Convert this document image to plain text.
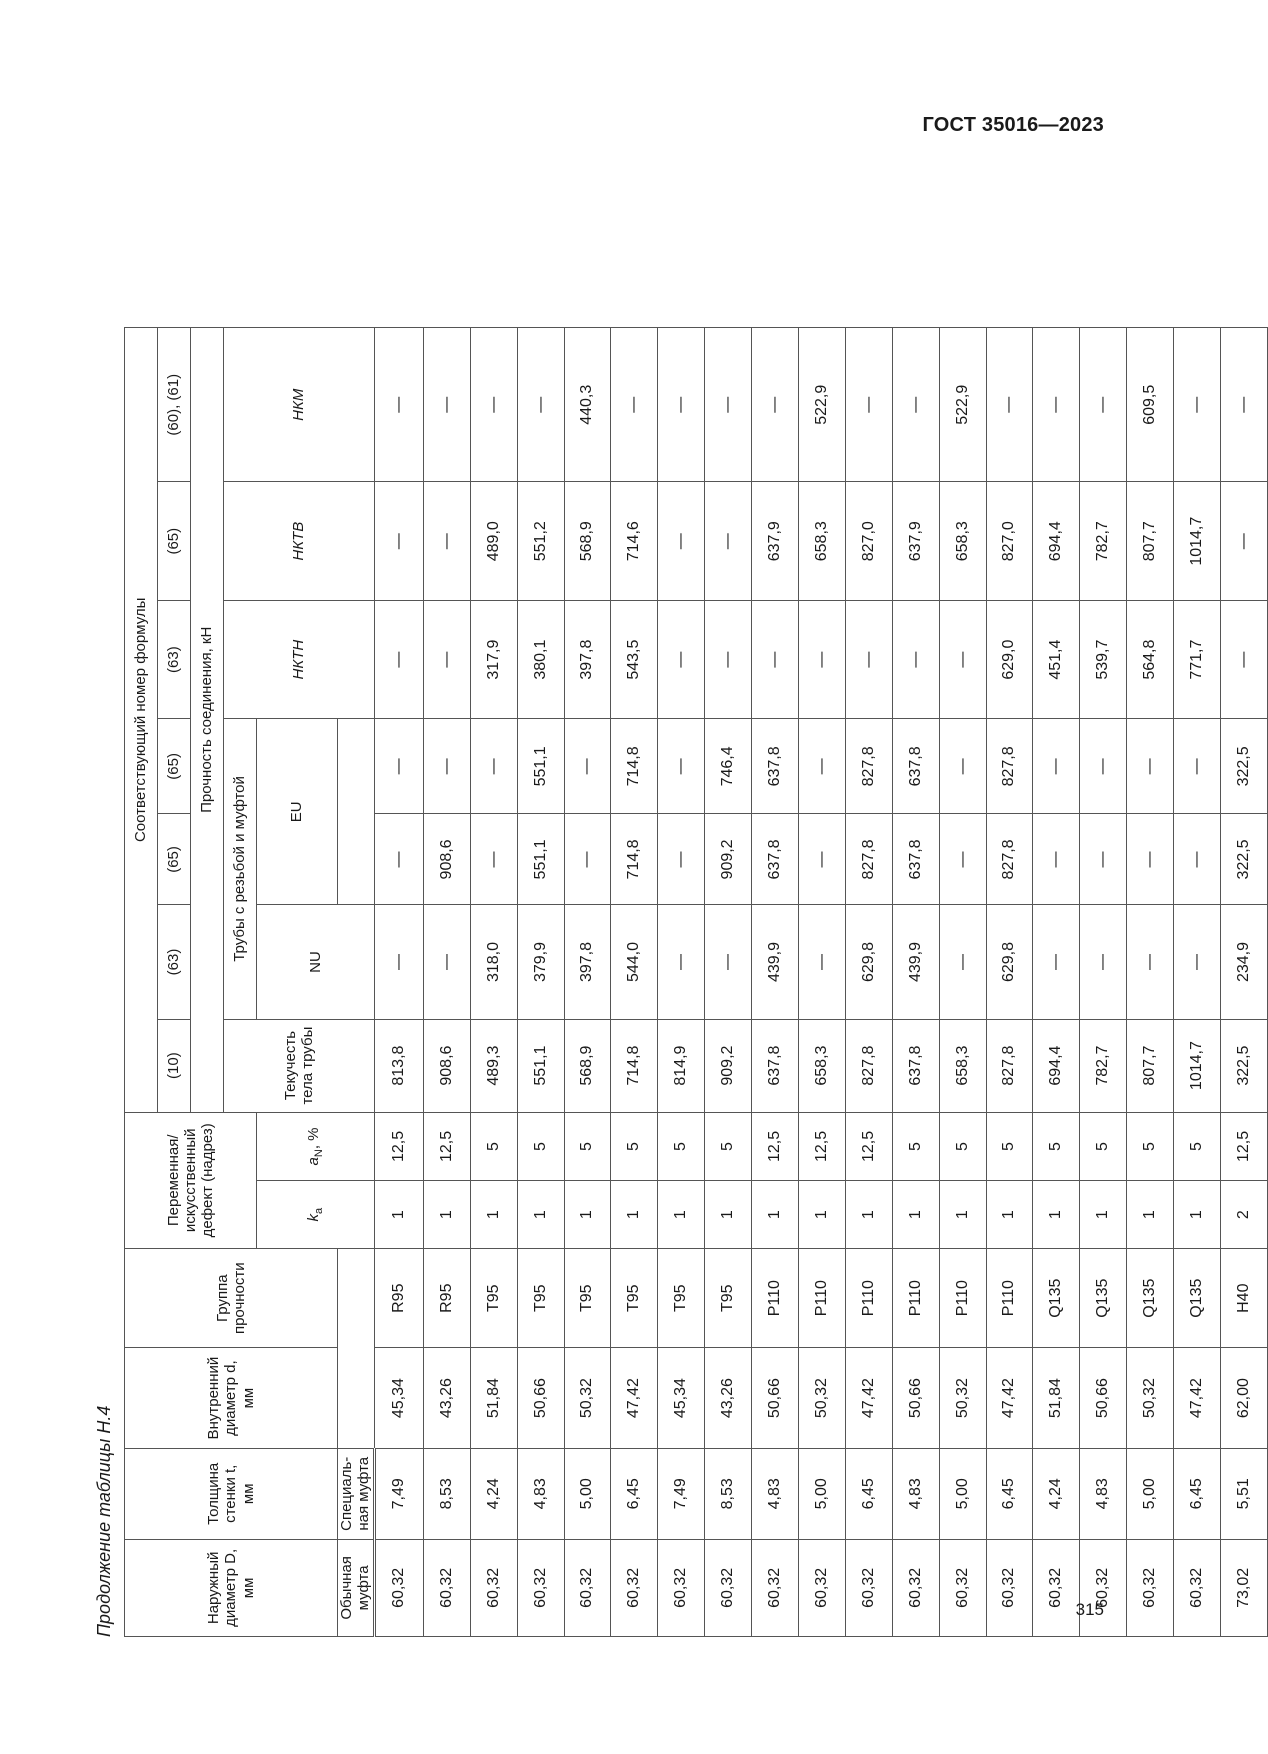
ГОСТ 35016—2023
Продолжение таблицы Н.4	Наружный диаметр D, мм	Толщина стенки t, мм	Внутренний диаметр d, мм	Группа прочности	Переменная/ искусственный дефект (надрез)		Соответствующий номер формулы						
						(10)	(63)	(65)	(65)	(63)	(65)	(60), (61)
						Прочность соединения, кН						
						Текучесть тела трубы	Трубы с резьбой и муфтой			НКТН	НКТВ	НКМ
				$k_а$	$a_N$, %		NU	EU				
Обычная муфта	Специаль- ная муфта											
60,32	7,49	45,34	R95	1	12,5	813,8	—	—	—	—	—	—
60,32	8,53	43,26	R95	1	12,5	908,6	—	908,6	—	—	—	—
60,32	4,24	51,84	T95	1	5	489,3	318,0	—	—	317,9	489,0	—
60,32	4,83	50,66	T95	1	5	551,1	379,9	551,1	551,1	380,1	551,2	—
60,32	5,00	50,32	T95	1	5	568,9	397,8	—	—	397,8	568,9	440,3
60,32	6,45	47,42	T95	1	5	714,8	544,0	714,8	714,8	543,5	714,6	—
60,32	7,49	45,34	T95	1	5	814,9	—	—	—	—	—	—
60,32	8,53	43,26	T95	1	5	909,2	—	909,2	746,4	—	—	—
60,32	4,83	50,66	P110	1	12,5	637,8	439,9	637,8	637,8	—	637,9	—
60,32	5,00	50,32	P110	1	12,5	658,3	—	—	—	—	658,3	522,9
60,32	6,45	47,42	P110	1	12,5	827,8	629,8	827,8	827,8	—	827,0	—
60,32	4,83	50,66	P110	1	5	637,8	439,9	637,8	637,8	—	637,9	—
60,32	5,00	50,32	P110	1	5	658,3	—	—	—	—	658,3	522,9
60,32	6,45	47,42	P110	1	5	827,8	629,8	827,8	827,8	629,0	827,0	—
60,32	4,24	51,84	Q135	1	5	694,4	—	—	—	451,4	694,4	—
60,32	4,83	50,66	Q135	1	5	782,7	—	—	—	539,7	782,7	—
60,32	5,00	50,32	Q135	1	5	807,7	—	—	—	564,8	807,7	609,5
60,32	6,45	47,42	Q135	1	5	1014,7	—	—	—	771,7	1014,7	—
73,02	5,51	62,00	H40	2	12,5	322,5	234,9	322,5	322,5	—	—	—
315
